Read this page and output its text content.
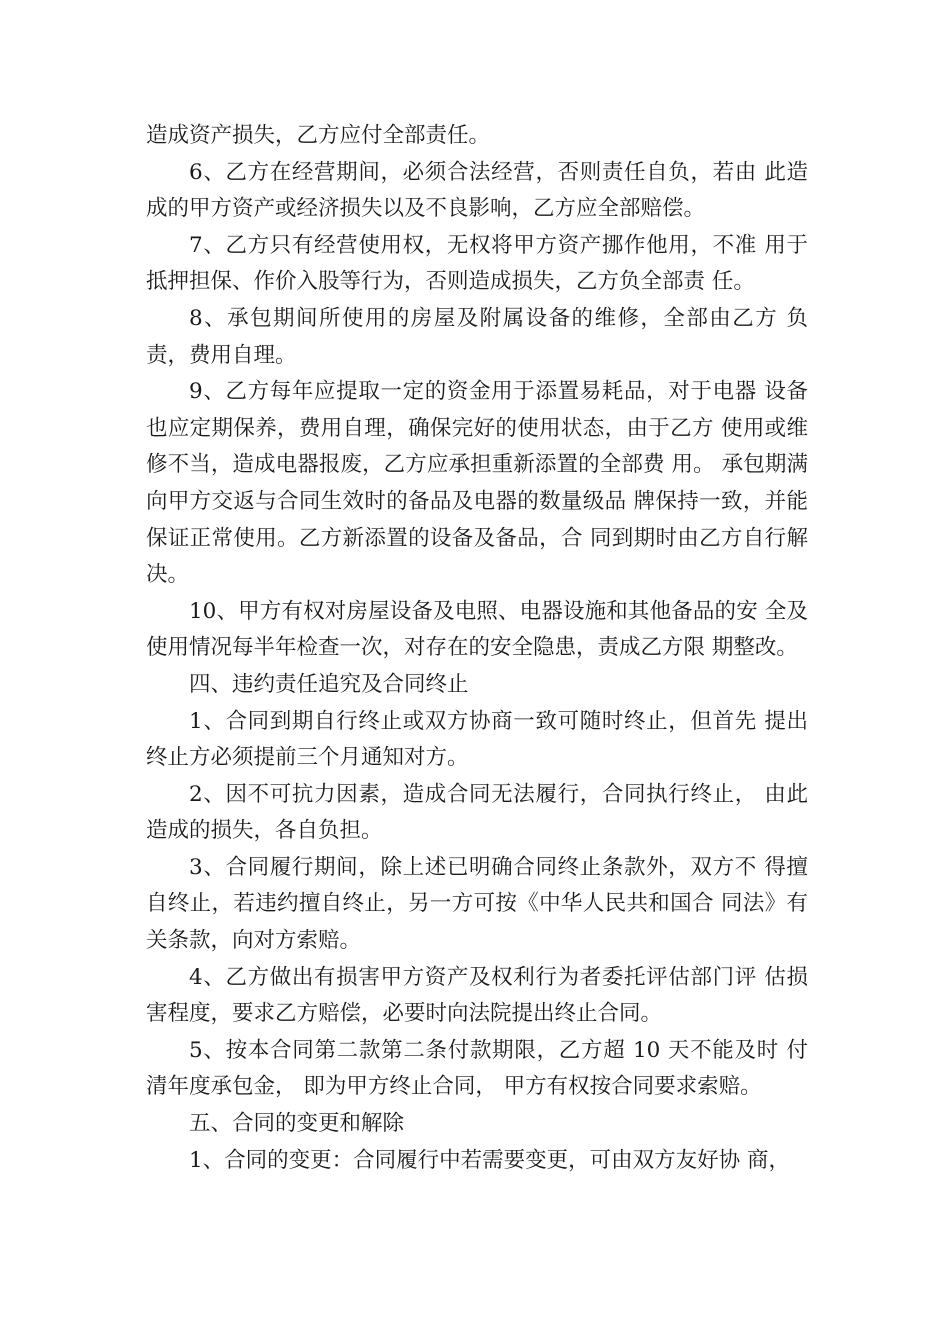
造成资产损失，乙方应付全部责任。

6、乙方在经营期间，必须合法经营，否则责任自负，若由 此造成的甲方资产或经济损失以及不良影响，乙方应全部赔偿。

7、乙方只有经营使用权，无权将甲方资产挪作他用，不准 用于抵押担保、作价入股等行为，否则造成损失，乙方负全部责 任。

8、承包期间所使用的房屋及附属设备的维修，全部由乙方 负责，费用自理。

9、乙方每年应提取一定的资金用于添置易耗品，对于电器 设备也应定期保养，费用自理，确保完好的使用状态，由于乙方 使用或维修不当，造成电器报废，乙方应承担重新添置的全部费 用。 承包期满向甲方交返与合同生效时的备品及电器的数量级品 牌保持一致，并能保证正常使用。乙方新添置的设备及备品，合 同到期时由乙方自行解决。

10、甲方有权对房屋设备及电照、电器设施和其他备品的安 全及使用情况每半年检查一次，对存在的安全隐患，责成乙方限 期整改。

四、违约责任追究及合同终止

1、合同到期自行终止或双方协商一致可随时终止，但首先 提出终止方必须提前三个月通知对方。

2、因不可抗力因素，造成合同无法履行，合同执行终止， 由此造成的损失，各自负担。

3、合同履行期间，除上述已明确合同终止条款外，双方不 得擅自终止，若违约擅自终止，另一方可按《中华人民共和国合 同法》有关条款，向对方索赔。

4、乙方做出有损害甲方资产及权利行为者委托评估部门评 估损害程度，要求乙方赔偿，必要时向法院提出终止合同。

5、按本合同第二款第二条付款期限，乙方超 10 天不能及时 付清年度承包金， 即为甲方终止合同， 甲方有权按合同要求索赔。

五、合同的变更和解除

1、合同的变更：合同履行中若需要变更，可由双方友好协 商，
